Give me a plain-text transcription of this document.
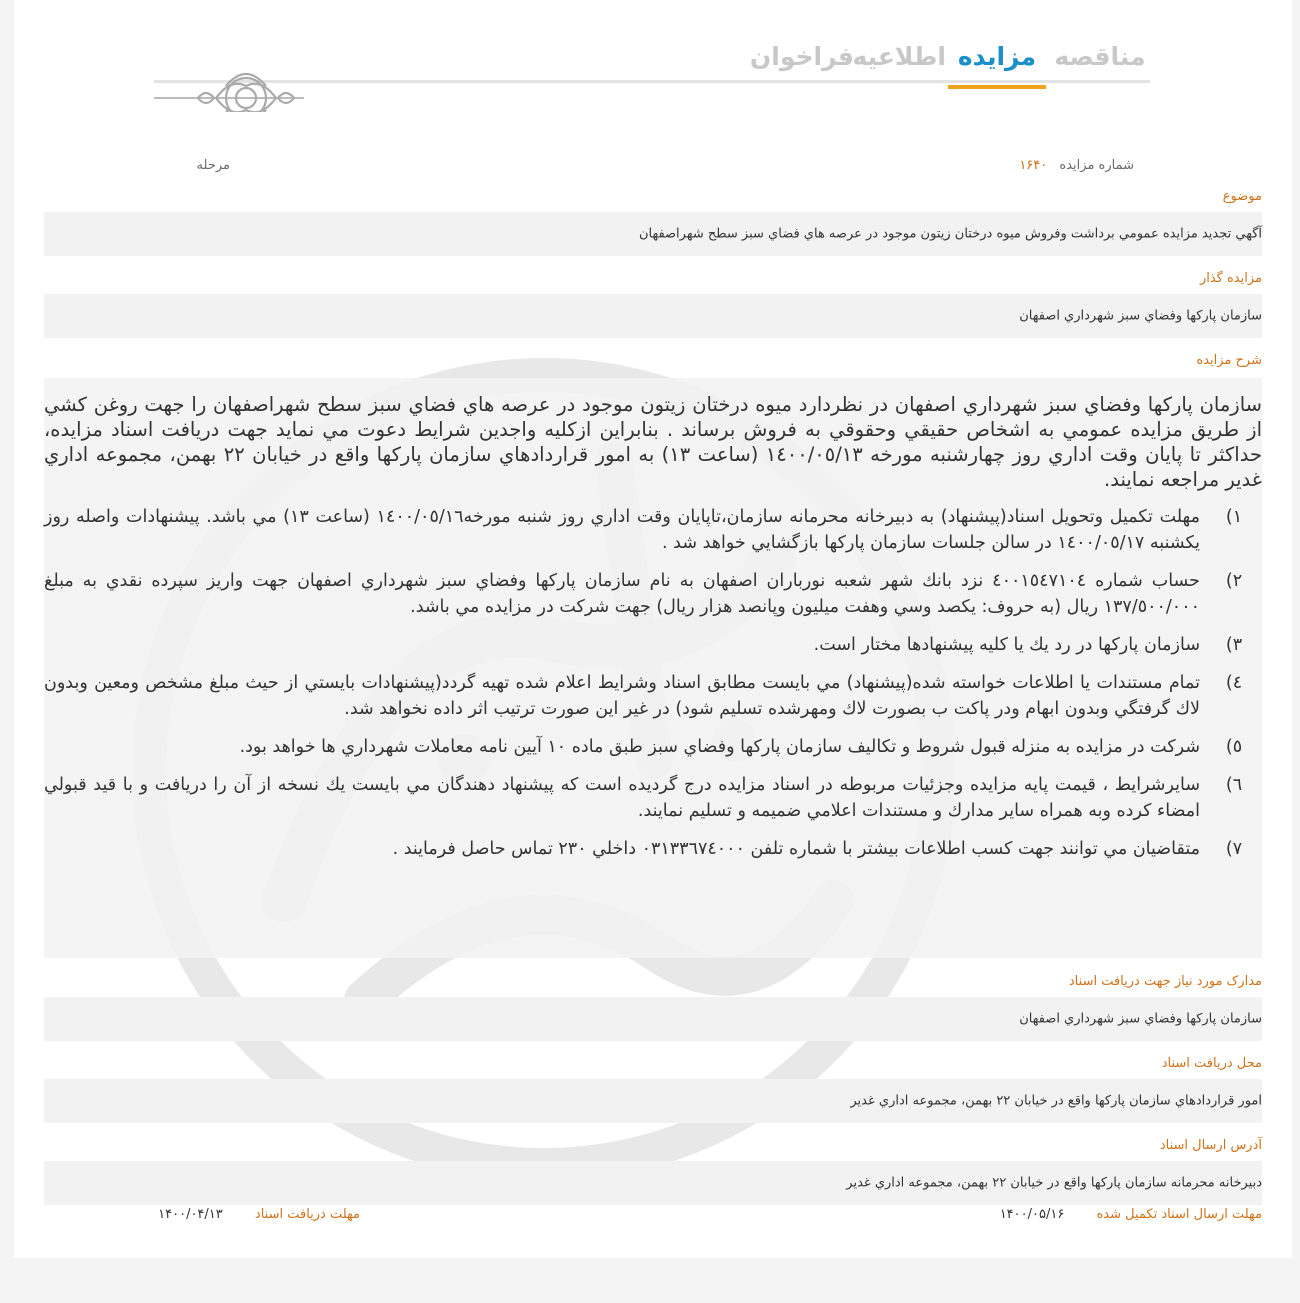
مناقصه
مزایده
اطلاعیه
فراخوان
شماره مزایده ۱۶۴۰
مرحله
موضوع
آگهي تجديد مزايده عمومي برداشت وفروش ميوه درختان زيتون موجود در عرصه هاي فضاي سبز سطح شهراصفهان
مزایده گذار
سازمان پاركها وفضاي سبز شهرداري اصفهان
شرح مزایده

سازمان پاركها وفضاي سبز شهرداري اصفهان در نظردارد ميوه درختان زيتون موجود در عرصه هاي فضاي سبز سطح شهراصفهان را جهت روغن كشي از طريق مزايده عمومي به اشخاص حقيقي وحقوقي به فروش برساند . بنابراين ازكليه واجدين شرايط دعوت مي نمايد جهت دريافت اسناد مزايده، حداكثر تا پايان وقت اداري روز چهارشنبه مورخه ١٤٠٠/٠٥/١٣ (ساعت ١٣) به امور قراردادهاي سازمان پاركها واقع در خيابان ٢٢ بهمن، مجموعه اداري غدير مراجعه نمايند.

١)
مهلت تكميل وتحويل اسناد(پيشنهاد) به دبيرخانه محرمانه سازمان،تاپايان وقت اداري روز شنبه مورخه١٤٠٠/٠٥/١٦ (ساعت ١٣) مي باشد. پيشنهادات واصله روز يكشنبه ١٤٠٠/٠٥/١٧ در سالن جلسات سازمان پاركها بازگشايي خواهد شد .
٢)
حساب شماره ٤٠٠١٥٤٧١٠٤ نزد بانك شهر شعبه نورباران اصفهان به نام سازمان پاركها وفضاي سبز شهرداري اصفهان جهت واريز سپرده نقدي به مبلغ ١٣٧/٥٠٠/٠٠٠ ريال (به حروف: يكصد وسي وهفت ميليون وپانصد هزار ريال) جهت شركت در مزايده مي باشد.
٣)
سازمان پاركها در رد يك يا كليه پيشنهادها مختار است.
٤)
تمام مستندات يا اطلاعات خواسته شده(پيشنهاد) مي بايست مطابق اسناد وشرايط اعلام شده تهيه گردد(پيشنهادات بايستي از حيث مبلغ مشخص ومعين وبدون لاك گرفتگي وبدون ابهام ودر پاكت ب بصورت لاك ومهرشده تسليم شود) در غير اين صورت ترتيب اثر داده نخواهد شد.
٥)
شركت در مزايده به منزله قبول شروط و تكاليف سازمان پاركها وفضاي سبز طبق ماده ١٠ آيين نامه معاملات شهرداري ها خواهد بود.
٦)
سايرشرايط ، قيمت پايه مزايده وجزئيات مربوطه در اسناد مزايده درج گرديده است كه پيشنهاد دهندگان مي بايست يك نسخه از آن را دريافت و با قيد قبولي امضاء كرده وبه همراه ساير مدارك و مستندات اعلامي ضميمه و تسليم نمايند.
٧)
متقاضيان مي توانند جهت كسب اطلاعات بيشتر با شماره تلفن ٠٣١٣٣٦٧٤٠٠٠ داخلي ٢٣٠ تماس حاصل فرمايند .
مدارک مورد نیاز جهت دریافت اسناد
سازمان پاركها وفضاي سبز شهرداري اصفهان
محل دریافت اسناد
امور قراردادهاي سازمان پاركها واقع در خيابان ٢٢ بهمن، مجموعه اداري غدير
آدرس ارسال اسناد
دبيرخانه محرمانه سازمان پاركها واقع در خيابان ٢٢ بهمن، مجموعه اداري غدير
مهلت ارسال اسناد تکمیل شده ۱۴۰۰/۰۵/۱۶
مهلت دریافت اسناد ۱۴۰۰/۰۴/۱۳
